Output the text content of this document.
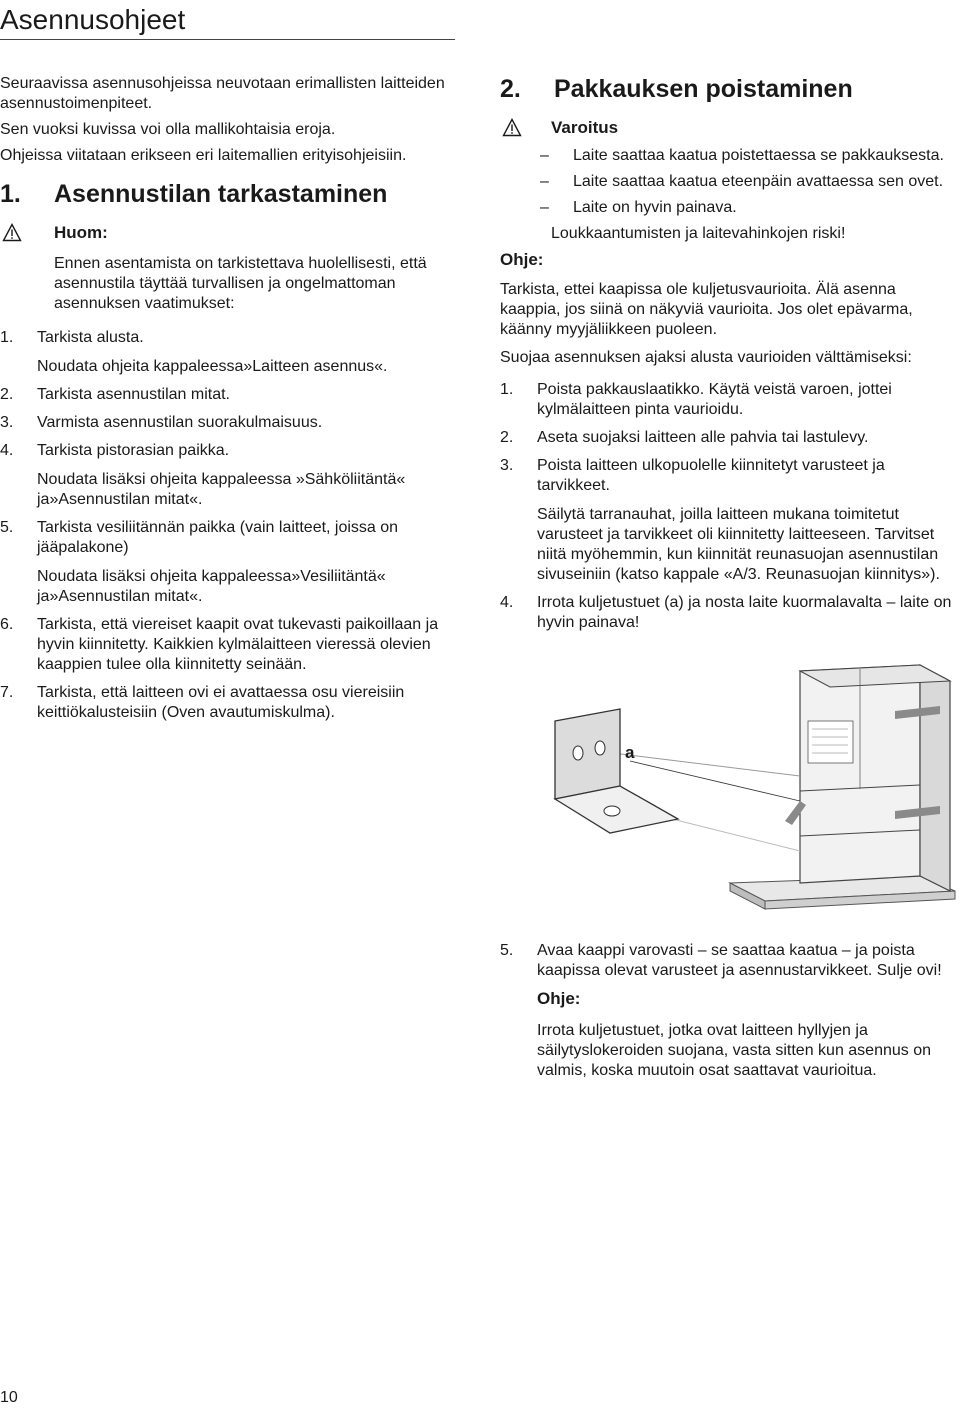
Asennusohjeet

Seuraavissa asennusohjeissa neuvotaan erimallisten laitteiden asennustoimenpiteet.

Sen vuoksi kuvissa voi olla mallikohtaisia eroja.

Ohjeissa viitataan erikseen eri laitemallien erityisohjeisiin.

1. Asennustilan tarkastaminen
Huom:

Ennen asentamista on tarkistettava huolellisesti, että asennustila täyttää turvallisen ja ongelmattoman asennuksen vaatimukset:

1. Tarkista alusta.
Noudata ohjeita kappaleessa»Laitteen asennus«.
2. Tarkista asennustilan mitat.
3. Varmista asennustilan suorakulmaisuus.
4. Tarkista pistorasian paikka.
Noudata lisäksi ohjeita kappaleessa »Sähköliitäntä« ja»Asennustilan mitat«.
5. Tarkista vesiliitännän paikka (vain laitteet, joissa on jääpalakone)
Noudata lisäksi ohjeita kappaleessa»Vesiliitäntä« ja»Asennustilan mitat«.
6. Tarkista, että viereiset kaapit ovat tukevasti paikoillaan ja hyvin kiinnitetty. Kaikkien kylmälaitteen vieressä olevien kaappien tulee olla kiinnitetty seinään.
7. Tarkista, että laitteen ovi ei avattaessa osu viereisiin keittiökalusteisiin (Oven avautumiskulma).
2. Pakkauksen poistaminen
Varoitus
– Laite saattaa kaatua poistettaessa se pakkauksesta.
– Laite saattaa kaatua eteenpäin avattaessa sen ovet.
– Laite on hyvin painava.
Loukkaantumisten ja laitevahinkojen riski!
Ohje:

Tarkista, ettei kaapissa ole kuljetusvaurioita. Älä asenna kaappia, jos siinä on näkyviä vaurioita. Jos olet epävarma, käänny myyjäliikkeen puoleen.

Suojaa asennuksen ajaksi alusta vaurioiden välttämiseksi:

1. Poista pakkauslaatikko. Käytä veistä varoen, jottei kylmälaitteen pinta vaurioidu.
2. Aseta suojaksi laitteen alle pahvia tai lastulevy.
3. Poista laitteen ulkopuolelle kiinnitetyt varusteet ja tarvikkeet.
Säilytä tarranauhat, joilla laitteen mukana toimitetut varusteet ja tarvikkeet oli kiinnitetty laitteeseen. Tarvitset niitä myöhemmin, kun kiinnität reunasuojan asennustilan sivuseiniin (katso kappale «A/3. Reunasuojan kiinnitys»).
4. Irrota kuljetustuet (a) ja nosta laite kuormalavalta – laite on hyvin painava!
a
5. Avaa kaappi varovasti – se saattaa kaatua – ja poista kaapissa olevat varusteet ja asennustarvikkeet. Sulje ovi!
Ohje:

Irrota kuljetustuet, jotka ovat laitteen hyllyjen ja säilytyslokeroiden suojana, vasta sitten kun asennus on valmis, koska muutoin osat saattavat vaurioitua.

10
